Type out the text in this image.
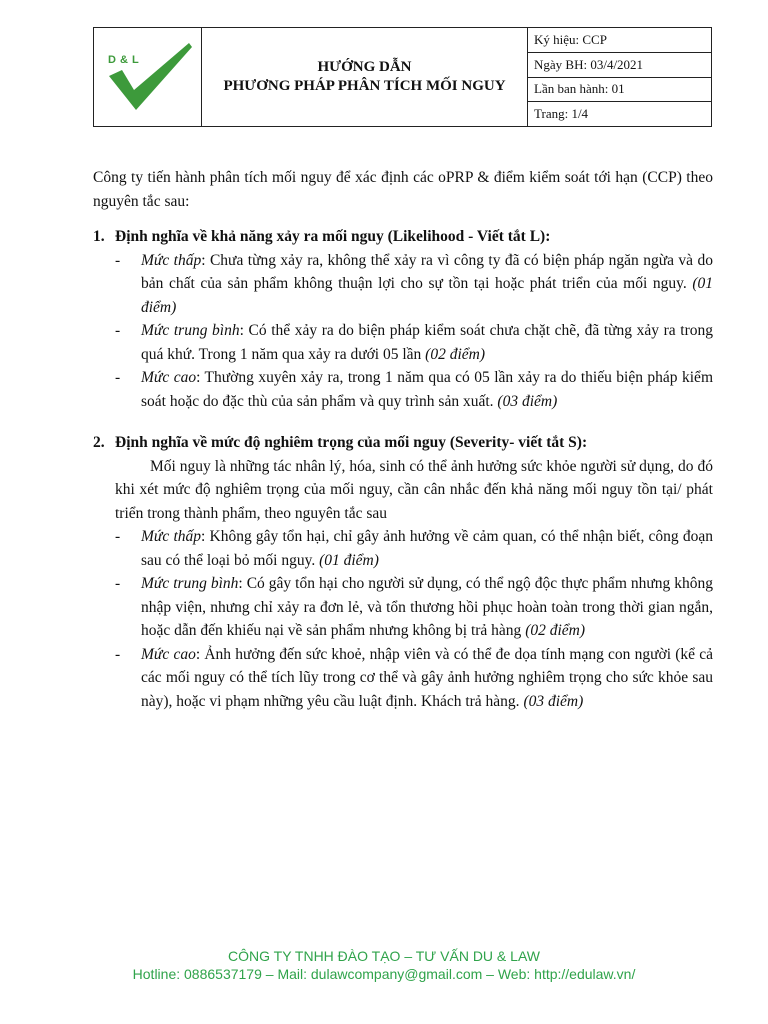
D & L	HƯỚNG DẪN
PHƯƠNG PHÁP PHÂN TÍCH MỐI NGUY
	Ký hiệu: CCP
Ngày BH: 03/4/2021
Lần ban hành: 01
Trang: 1/4

Công ty tiến hành phân tích mối nguy để xác định các oPRP & điểm kiểm soát tới hạn (CCP) theo nguyên tắc sau:

1. Định nghĩa về khả năng xảy ra mối nguy (Likelihood - Viết tắt L):
-	Mức thấp: Chưa từng xảy ra, không thể xảy ra vì công ty đã có biện pháp ngăn ngừa và do bản chất của sản phẩm không thuận lợi cho sự tồn tại hoặc phát triển của mối nguy. (01 điểm)
-	Mức trung bình: Có thể xảy ra do biện pháp kiểm soát chưa chặt chẽ, đã từng xảy ra trong quá khứ. Trong 1 năm qua xảy ra dưới 05 lần (02 điểm)
-	Mức cao: Thường xuyên xảy ra, trong 1 năm qua có 05 lần xảy ra do thiếu biện pháp kiểm soát hoặc do đặc thù của sản phẩm và quy trình sản xuất. (03 điểm)
2. Định nghĩa về mức độ nghiêm trọng của mối nguy (Severity- viết tắt S):

Mối nguy là những tác nhân lý, hóa, sinh có thể ảnh hưởng sức khỏe người sử dụng, do đó khi xét mức độ nghiêm trọng của mối nguy, cần cân nhắc đến khả năng mối nguy tồn tại/ phát triển trong thành phẩm, theo nguyên tắc sau

-	Mức thấp: Không gây tổn hại, chỉ gây ảnh hưởng về cảm quan, có thể nhận biết, công đoạn sau có thể loại bỏ mối nguy. (01 điểm)
-	Mức trung bình: Có gây tổn hại cho người sử dụng, có thể ngộ độc thực phẩm nhưng không nhập viện, nhưng chỉ xảy ra đơn lẻ, và tổn thương hồi phục hoàn toàn trong thời gian ngắn, hoặc dẫn đến khiếu nại về sản phẩm nhưng không bị trả hàng (02 điểm)
-	Mức cao: Ảnh hưởng đến sức khoẻ, nhập viên và có thể đe dọa tính mạng con người (kể cả các mối nguy có thể tích lũy trong cơ thể và gây ảnh hưởng nghiêm trọng cho sức khỏe sau này), hoặc vi phạm những yêu cầu luật định. Khách trả hàng. (03 điểm)
CÔNG TY TNHH ĐÀO TẠO – TƯ VẤN DU & LAW
Hotline: 0886537179 – Mail: dulawcompany@gmail.com – Web: http://edulaw.vn/
